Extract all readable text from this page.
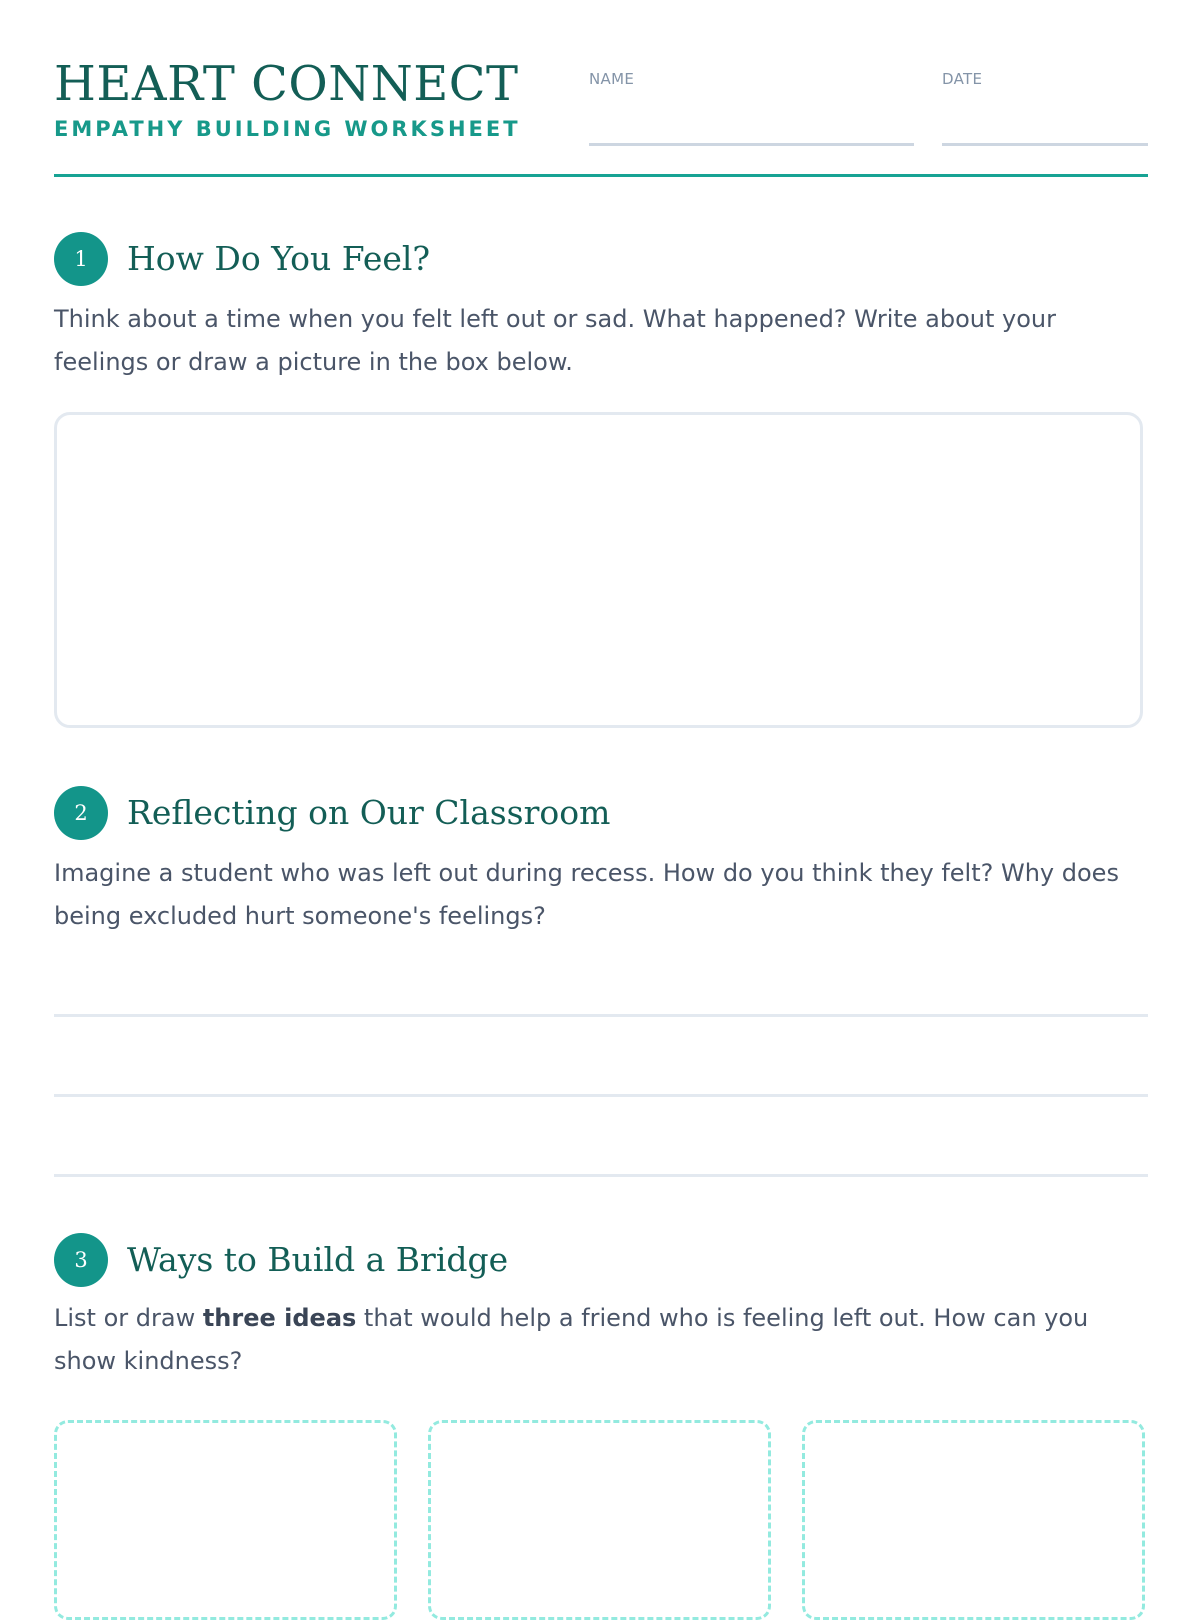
HEART CONNECT
EMPATHY BUILDING WORKSHEET
NAME	DATE
1	How Do You Feel?
Think about a time when you felt left out or sad. What happened? Write about your feelings or draw a picture in the box below.
2	Reflecting on Our Classroom
Imagine a student who was left out during recess. How do you think they felt? Why does being excluded hurt someone's feelings?
3	Ways to Build a Bridge
List or draw three ideas that would help a friend who is feeling left out. How can you show kindness?
